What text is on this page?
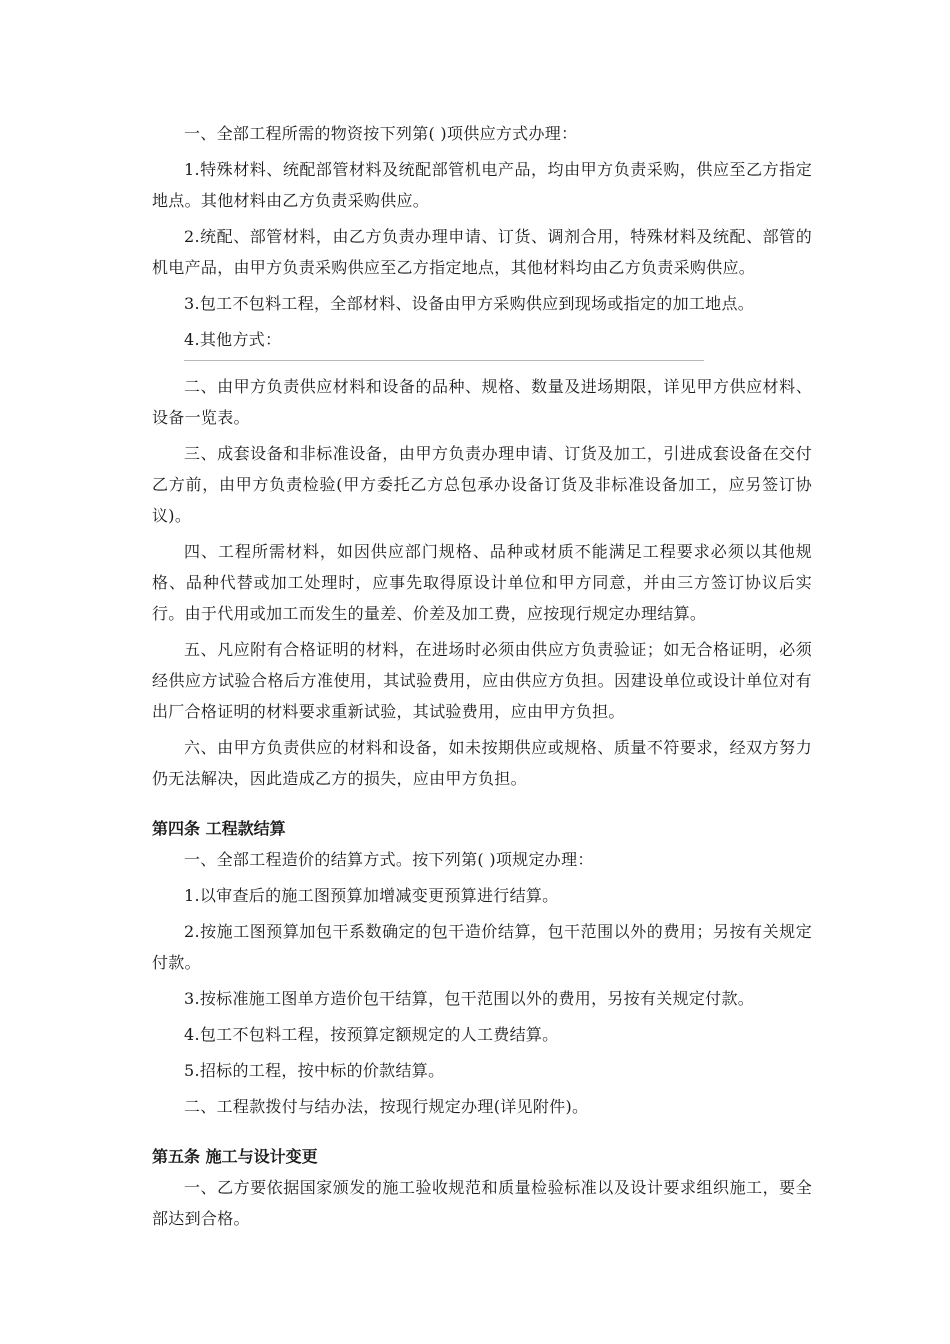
一、全部工程所需的物资按下列第( )项供应方式办理：

1.特殊材料、统配部管材料及统配部管机电产品，均由甲方负责采购，供应至乙方指定地点。其他材料由乙方负责采购供应。

2.统配、部管材料，由乙方负责办理申请、订货、调剂合用，特殊材料及统配、部管的机电产品，由甲方负责采购供应至乙方指定地点，其他材料均由乙方负责采购供应。

3.包工不包料工程，全部材料、设备由甲方采购供应到现场或指定的加工地点。

4.其他方式：

二、由甲方负责供应材料和设备的品种、规格、数量及进场期限，详见甲方供应材料、设备一览表。

三、成套设备和非标准设备，由甲方负责办理申请、订货及加工，引进成套设备在交付乙方前，由甲方负责检验(甲方委托乙方总包承办设备订货及非标准设备加工，应另签订协议)。

四、工程所需材料，如因供应部门规格、品种或材质不能满足工程要求必须以其他规格、品种代替或加工处理时，应事先取得原设计单位和甲方同意，并由三方签订协议后实行。由于代用或加工而发生的量差、价差及加工费，应按现行规定办理结算。

五、凡应附有合格证明的材料，在进场时必须由供应方负责验证；如无合格证明，必须经供应方试验合格后方准使用，其试验费用，应由供应方负担。因建设单位或设计单位对有出厂合格证明的材料要求重新试验，其试验费用，应由甲方负担。

六、由甲方负责供应的材料和设备，如未按期供应或规格、质量不符要求，经双方努力仍无法解决，因此造成乙方的损失，应由甲方负担。

第四条 工程款结算

一、全部工程造价的结算方式。按下列第( )项规定办理：

1.以审查后的施工图预算加增减变更预算进行结算。

2.按施工图预算加包干系数确定的包干造价结算，包干范围以外的费用；另按有关规定付款。

3.按标准施工图单方造价包干结算，包干范围以外的费用，另按有关规定付款。

4.包工不包料工程，按预算定额规定的人工费结算。

5.招标的工程，按中标的价款结算。

二、工程款拨付与结办法，按现行规定办理(详见附件)。

第五条 施工与设计变更

一、乙方要依据国家颁发的施工验收规范和质量检验标准以及设计要求组织施工，要全部达到合格。
